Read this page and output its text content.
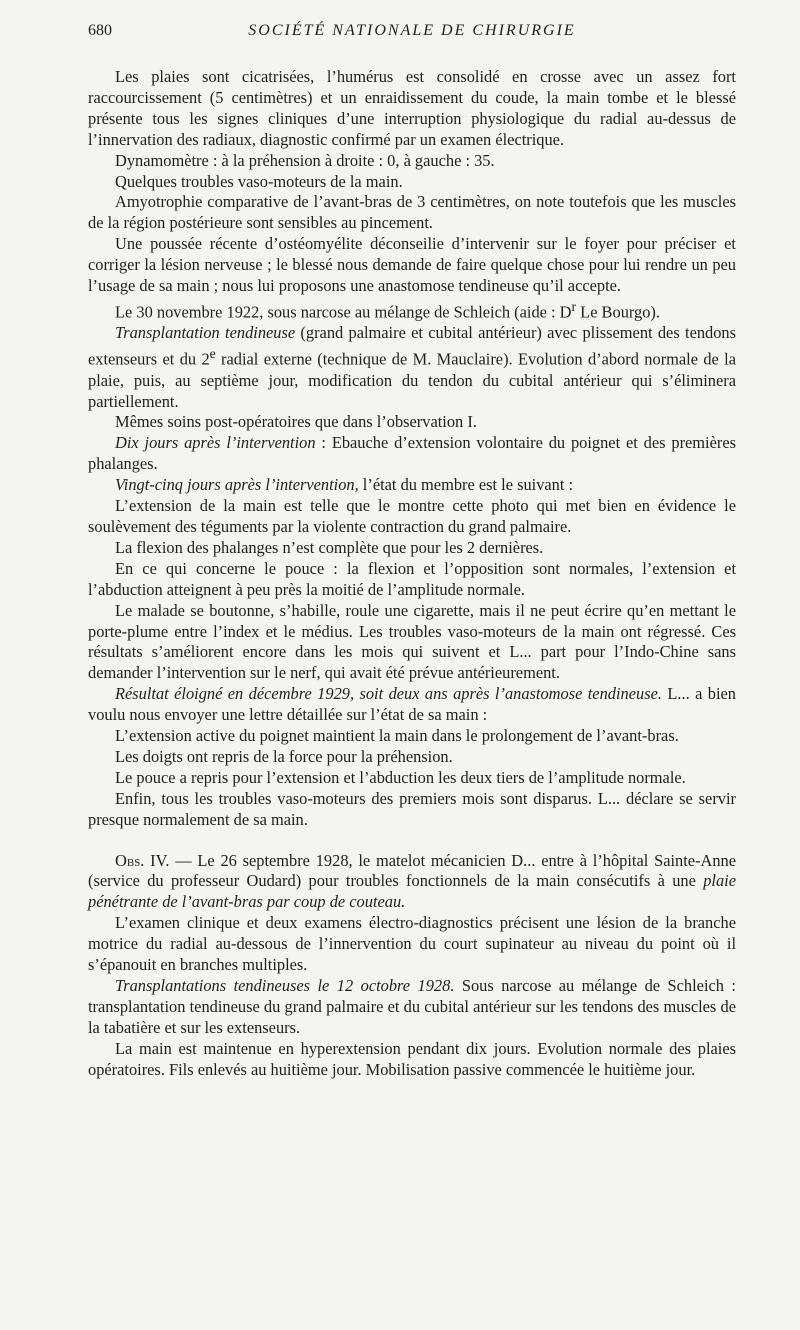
680	SOCIÉTÉ NATIONALE DE CHIRURGIE

Les plaies sont cicatrisées, l’humérus est consolidé en crosse avec un assez fort raccourcissement (5 centimètres) et un enraidissement du coude, la main tombe et le blessé présente tous les signes cliniques d’une interruption physiologique du radial au-dessus de l’innervation des radiaux, diagnostic confirmé par un examen électrique.

Dynamomètre : à la préhension à droite : 0, à gauche : 35.

Quelques troubles vaso-moteurs de la main.

Amyotrophie comparative de l’avant-bras de 3 centimètres, on note toutefois que les muscles de la région postérieure sont sensibles au pincement.

Une poussée récente d’ostéomyélite déconseilie d’intervenir sur le foyer pour préciser et corriger la lésion nerveuse ; le blessé nous demande de faire quelque chose pour lui rendre un peu l’usage de sa main ; nous lui proposons une anastomose tendineuse qu’il accepte.

Le 30 novembre 1922, sous narcose au mélange de Schleich (aide : $D^r$ Le Bourgo).

Transplantation tendineuse (grand palmaire et cubital antérieur) avec plissement des tendons extenseurs et du 2e radial externe (technique de M. Mauclaire). Evolution d’abord normale de la plaie, puis, au septième jour, modification du tendon du cubital antérieur qui s’éliminera partiellement.

Mêmes soins post-opératoires que dans l’observation I.

Dix jours après l’intervention : Ebauche d’extension volontaire du poignet et des premières phalanges.

Vingt-cinq jours après l’intervention, l’état du membre est le suivant :

L’extension de la main est telle que le montre cette photo qui met bien en évidence le soulèvement des téguments par la violente contraction du grand palmaire.

La flexion des phalanges n’est complète que pour les 2 dernières.

En ce qui concerne le pouce : la flexion et l’opposition sont normales, l’extension et l’abduction atteignent à peu près la moitié de l’amplitude normale.

Le malade se boutonne, s’habille, roule une cigarette, mais il ne peut écrire qu’en mettant le porte-plume entre l’index et le médius. Les troubles vaso-moteurs de la main ont régressé. Ces résultats s’améliorent encore dans les mois qui suivent et L... part pour l’Indo-Chine sans demander l’intervention sur le nerf, qui avait été prévue antérieurement.

Résultat éloigné en décembre 1929, soit deux ans après l’anastomose tendineuse. L... a bien voulu nous envoyer une lettre détaillée sur l’état de sa main :

L’extension active du poignet maintient la main dans le prolongement de l’avant-bras.

Les doigts ont repris de la force pour la préhension.

Le pouce a repris pour l’extension et l’abduction les deux tiers de l’amplitude normale.

Enfin, tous les troubles vaso-moteurs des premiers mois sont disparus. L... déclare se servir presque normalement de sa main.

Obs. IV. — Le 26 septembre 1928, le matelot mécanicien D... entre à l’hôpital Sainte-Anne (service du professeur Oudard) pour troubles fonctionnels de la main consécutifs à une plaie pénétrante de l’avant-bras par coup de couteau.

L’examen clinique et deux examens électro-diagnostics précisent une lésion de la branche motrice du radial au-dessous de l’innervention du court supinateur au niveau du point où il s’épanouit en branches multiples.

Transplantations tendineuses le 12 octobre 1928. Sous narcose au mélange de Schleich : transplantation tendineuse du grand palmaire et du cubital antérieur sur les tendons des muscles de la tabatière et sur les extenseurs.

La main est maintenue en hyperextension pendant dix jours. Evolution normale des plaies opératoires. Fils enlevés au huitième jour. Mobilisation passive commencée le huitième jour.
